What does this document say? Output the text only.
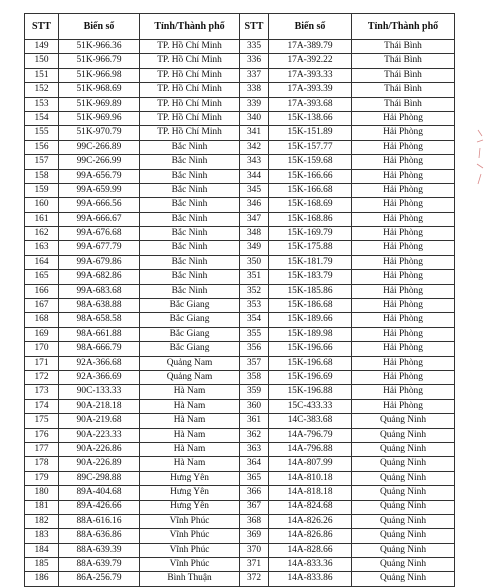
STT	Biển số	Tỉnh/Thành phố	STT	Biển số	Tỉnh/Thành phố
149	51K-966.36	TP. Hồ Chí Minh	335	17A-389.79	Thái Bình
150	51K-966.79	TP. Hồ Chí Minh	336	17A-392.22	Thái Bình
151	51K-966.98	TP. Hồ Chí Minh	337	17A-393.33	Thái Bình
152	51K-968.69	TP. Hồ Chí Minh	338	17A-393.39	Thái Bình
153	51K-969.89	TP. Hồ Chí Minh	339	17A-393.68	Thái Bình
154	51K-969.96	TP. Hồ Chí Minh	340	15K-138.66	Hải Phòng
155	51K-970.79	TP. Hồ Chí Minh	341	15K-151.89	Hải Phòng
156	99C-266.89	Bắc Ninh	342	15K-157.77	Hải Phòng
157	99C-266.99	Bắc Ninh	343	15K-159.68	Hải Phòng
158	99A-656.79	Bắc Ninh	344	15K-166.66	Hải Phòng
159	99A-659.99	Bắc Ninh	345	15K-166.68	Hải Phòng
160	99A-666.56	Bắc Ninh	346	15K-168.69	Hải Phòng
161	99A-666.67	Bắc Ninh	347	15K-168.86	Hải Phòng
162	99A-676.68	Bắc Ninh	348	15K-169.79	Hải Phòng
163	99A-677.79	Bắc Ninh	349	15K-175.88	Hải Phòng
164	99A-679.86	Bắc Ninh	350	15K-181.79	Hải Phòng
165	99A-682.86	Bắc Ninh	351	15K-183.79	Hải Phòng
166	99A-683.68	Bắc Ninh	352	15K-185.86	Hải Phòng
167	98A-638.88	Bắc Giang	353	15K-186.68	Hải Phòng
168	98A-658.58	Bắc Giang	354	15K-189.66	Hải Phòng
169	98A-661.88	Bắc Giang	355	15K-189.98	Hải Phòng
170	98A-666.79	Bắc Giang	356	15K-196.66	Hải Phòng
171	92A-366.68	Quảng Nam	357	15K-196.68	Hải Phòng
172	92A-366.69	Quảng Nam	358	15K-196.69	Hải Phòng
173	90C-133.33	Hà Nam	359	15K-196.88	Hải Phòng
174	90A-218.18	Hà Nam	360	15C-433.33	Hải Phòng
175	90A-219.68	Hà Nam	361	14C-383.68	Quảng Ninh
176	90A-223.33	Hà Nam	362	14A-796.79	Quảng Ninh
177	90A-226.86	Hà Nam	363	14A-796.88	Quảng Ninh
178	90A-226.89	Hà Nam	364	14A-807.99	Quảng Ninh
179	89C-298.88	Hưng Yên	365	14A-810.18	Quảng Ninh
180	89A-404.68	Hưng Yên	366	14A-818.18	Quảng Ninh
181	89A-426.66	Hưng Yên	367	14A-824.68	Quảng Ninh
182	88A-616.16	Vĩnh Phúc	368	14A-826.26	Quảng Ninh
183	88A-636.86	Vĩnh Phúc	369	14A-826.86	Quảng Ninh
184	88A-639.39	Vĩnh Phúc	370	14A-828.66	Quảng Ninh
185	88A-639.79	Vĩnh Phúc	371	14A-833.36	Quảng Ninh
186	86A-256.79	Bình Thuận	372	14A-833.86	Quảng Ninh
